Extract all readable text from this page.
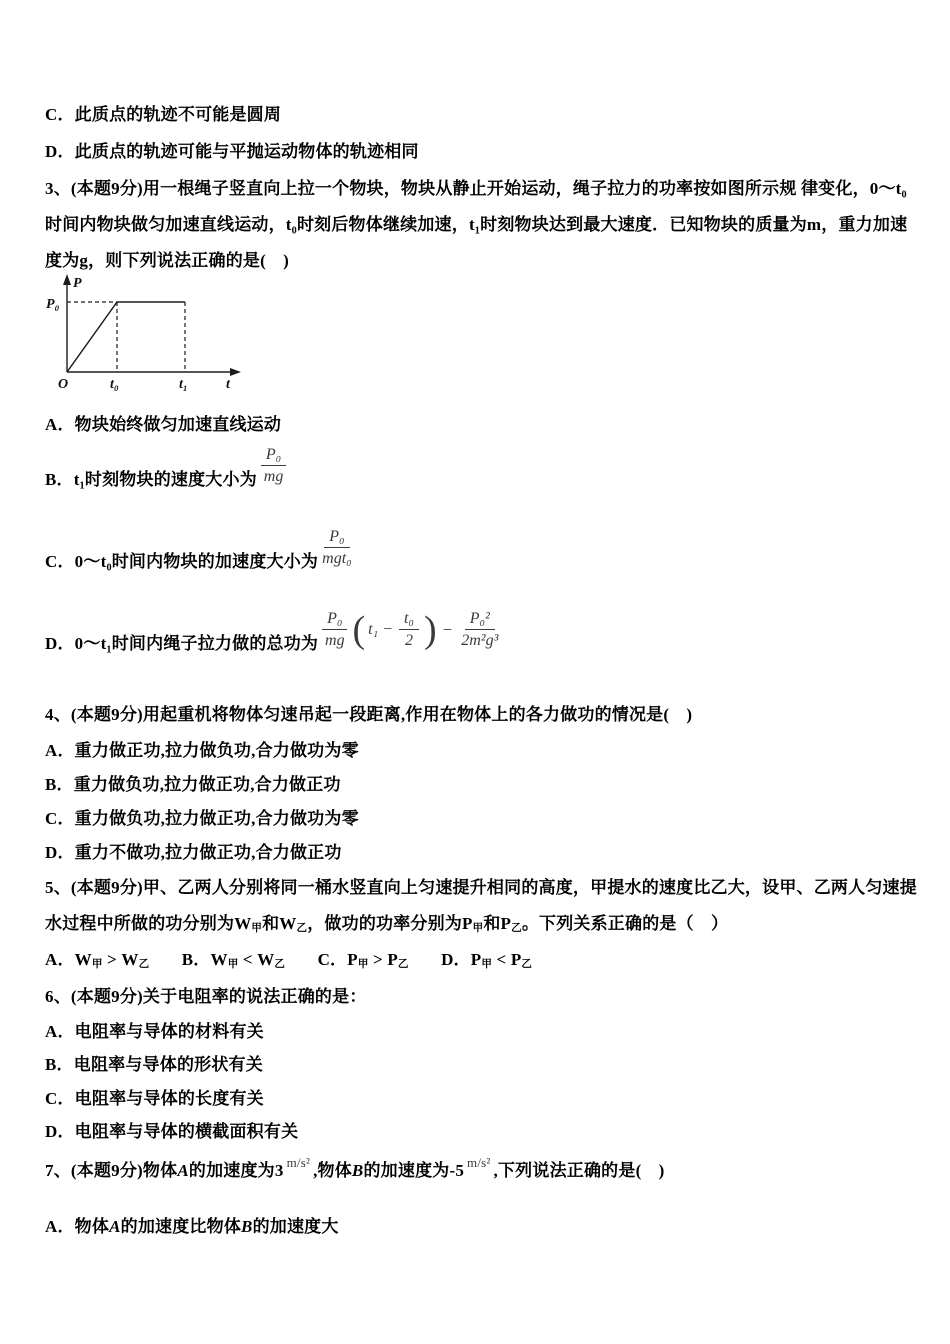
C．此质点的轨迹不可能是圆周
D．此质点的轨迹可能与平抛运动物体的轨迹相同
3、(本题9分)用一根绳子竖直向上拉一个物块，物块从静止开始运动，绳子拉力的功率按如图所示规 律变化，0～t₀
时间内物块做匀加速直线运动，t₀时刻后物体继续加速，t₁时刻物块达到最大速度．已知物块的质量为m，重力加速
度为g，则下列说法正确的是(　)
P
P₀
O	t₀	t₁	t
A．物块始终做匀加速直线运动
B．t₁时刻物块的速度大小为 $\frac{\text{P₀}}{mg}$
C．0～t₀时间内物块的加速度大小为 $\frac{\text{P₀}}{\text{mgt₀}}$
D．0～t₁时间内绳子拉力做的总功为 $\frac{\text{P₀}}{mg}$ ( $t_1 - \frac{\text{t₀}}{2}$ ) − $\frac{\text{P₀²}}{\text{2m²g³}}$
4、(本题9分)用起重机将物体匀速吊起一段距离,作用在物体上的各力做功的情况是(　)
A．重力做正功,拉力做负功,合力做功为零
B．重力做负功,拉力做正功,合力做正功
C．重力做负功,拉力做正功,合力做功为零
D．重力不做功,拉力做正功,合力做正功
5、(本题9分)甲、乙两人分别将同一桶水竖直向上匀速提升相同的高度，甲提水的速度比乙大，设甲、乙两人匀速提
水过程中所做的功分别为W甲和W乙，做功的功率分别为P甲和P乙。下列关系正确的是（　）
A．W甲 > W乙 B．W甲 < W乙 C．P甲 > P乙 D．P甲 < P乙
6、(本题9分)关于电阻率的说法正确的是：
A．电阻率与导体的材料有关
B．电阻率与导体的形状有关
C．电阻率与导体的长度有关
D．电阻率与导体的横截面积有关
7、(本题9分)物体A的加速度为3 m/s² ,物体B的加速度为-5 m/s² ,下列说法正确的是(　)
A．物体A的加速度比物体B的加速度大
